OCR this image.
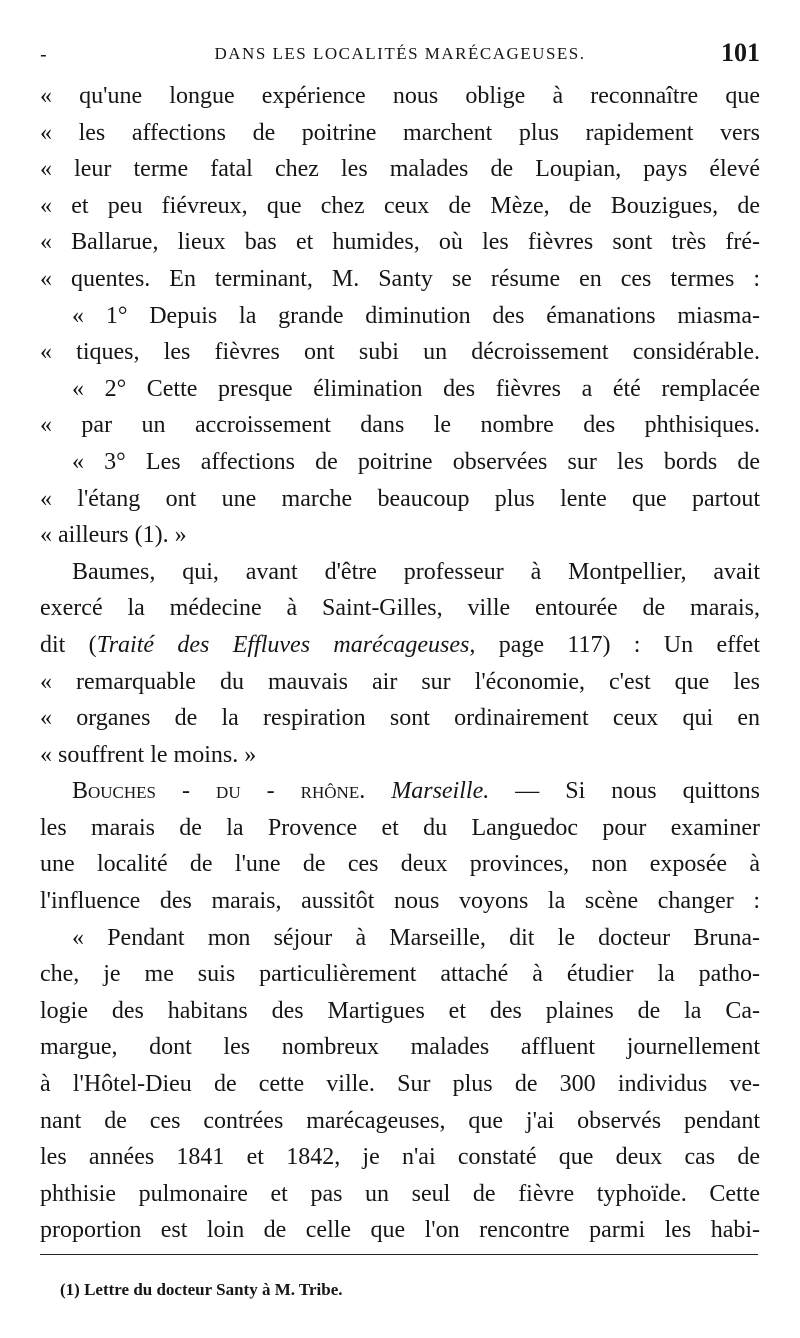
-	DANS LES LOCALITÉS MARÉCAGEUSES.	101
« qu'une longue expérience nous oblige à reconnaître que
« les affections de poitrine marchent plus rapidement vers
« leur terme fatal chez les malades de Loupian, pays élevé
« et peu fiévreux, que chez ceux de Mèze, de Bouzigues, de
« Ballarue, lieux bas et humides, où les fièvres sont très fré-
« quentes. En terminant, M. Santy se résume en ces termes :
« 1° Depuis la grande diminution des émanations miasma-
« tiques, les fièvres ont subi un décroissement considérable.
« 2° Cette presque élimination des fièvres a été remplacée
« par un accroissement dans le nombre des phthisiques.
« 3° Les affections de poitrine observées sur les bords de
« l'étang ont une marche beaucoup plus lente que partout
« ailleurs (1). »
Baumes, qui, avant d'être professeur à Montpellier, avait
exercé la médecine à Saint-Gilles, ville entourée de marais,
dit (Traité des Effluves marécageuses, page 117) : Un effet
« remarquable du mauvais air sur l'économie, c'est que les
« organes de la respiration sont ordinairement ceux qui en
« souffrent le moins. »
Bouches - du - rhône. Marseille. — Si nous quittons
les marais de la Provence et du Languedoc pour examiner
une localité de l'une de ces deux provinces, non exposée à
l'influence des marais, aussitôt nous voyons la scène changer :
« Pendant mon séjour à Marseille, dit le docteur Bruna-
che, je me suis particulièrement attaché à étudier la patho-
logie des habitans des Martigues et des plaines de la Ca-
margue, dont les nombreux malades affluent journellement
à l'Hôtel-Dieu de cette ville. Sur plus de 300 individus ve-
nant de ces contrées marécageuses, que j'ai observés pendant
les années 1841 et 1842, je n'ai constaté que deux cas de
phthisie pulmonaire et pas un seul de fièvre typhoïde. Cette
proportion est loin de celle que l'on rencontre parmi les habi-
(1) Lettre du docteur Santy à M. Tribe.
